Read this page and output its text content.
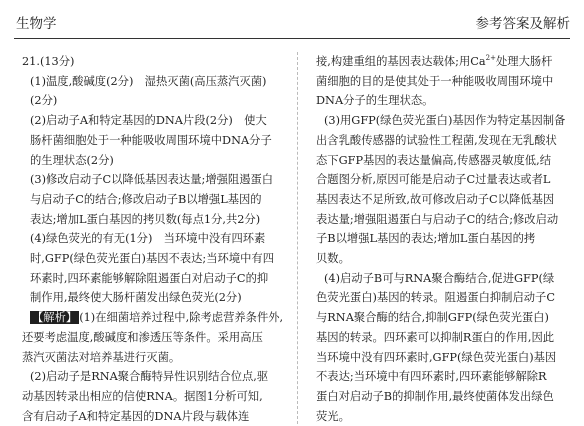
生物学	参考答案及解析

21.(13分)

(1)温度,酸碱度(2分)　湿热灭菌(高压蒸汽灭菌)

(2分)

(2)启动子A和特定基因的DNA片段(2分)　使大

肠杆菌细胞处于一种能吸收周围环境中DNA分子

的生理状态(2分)

(3)修改启动子C以降低基因表达量;增强阻遏蛋白

与启动子C的结合;修改启动子B以增强L基因的

表达;增加L蛋白基因的拷贝数(每点1分,共2分)

(4)绿色荧光的有无(1分)　当环境中没有四环素

时,GFP(绿色荧光蛋白)基因不表达;当环境中有四

环素时,四环素能够解除阻遏蛋白对启动子C的抑

制作用,最终使大肠杆菌发出绿色荧光(2分)

【解析】 (1)在细菌培养过程中,除考虑营养条件外,

还要考虑温度,酸碱度和渗透压等条件。采用高压

蒸汽灭菌法对培养基进行灭菌。

(2)启动子是RNA聚合酶特异性识别结合位点,驱

动基因转录出相应的信使RNA。据图1分析可知,

含有启动子A和特定基因的DNA片段与载体连

接,构建重组的基因表达载体;用$Ca^{2+}$处理大肠杆

菌细胞的目的是使其处于一种能吸收周围环境中

DNA分子的生理状态。

(3)用GFP(绿色荧光蛋白)基因作为特定基因制备

出含乳酸传感器的试验性工程菌,发现在无乳酸状

态下GFP基因的表达量偏高,传感器灵敏度低,结

合题图分析,原因可能是启动子C过量表达或者L

基因表达不足所致,故可修改启动子C以降低基因

表达量;增强阻遏蛋白与启动子C的结合;修改启动

子B以增强L基因的表达;增加L蛋白基因的拷

贝数。

(4)启动子B可与RNA聚合酶结合,促进GFP(绿

色荧光蛋白)基因的转录。阻遏蛋白抑制启动子C

与RNA聚合酶的结合,抑制GFP(绿色荧光蛋白)

基因的转录。四环素可以抑制R蛋白的作用,因此

当环境中没有四环素时,GFP(绿色荧光蛋白)基因

不表达;当环境中有四环素时,四环素能够解除R

蛋白对启动子B的抑制作用,最终使菌体发出绿色

荧光。
